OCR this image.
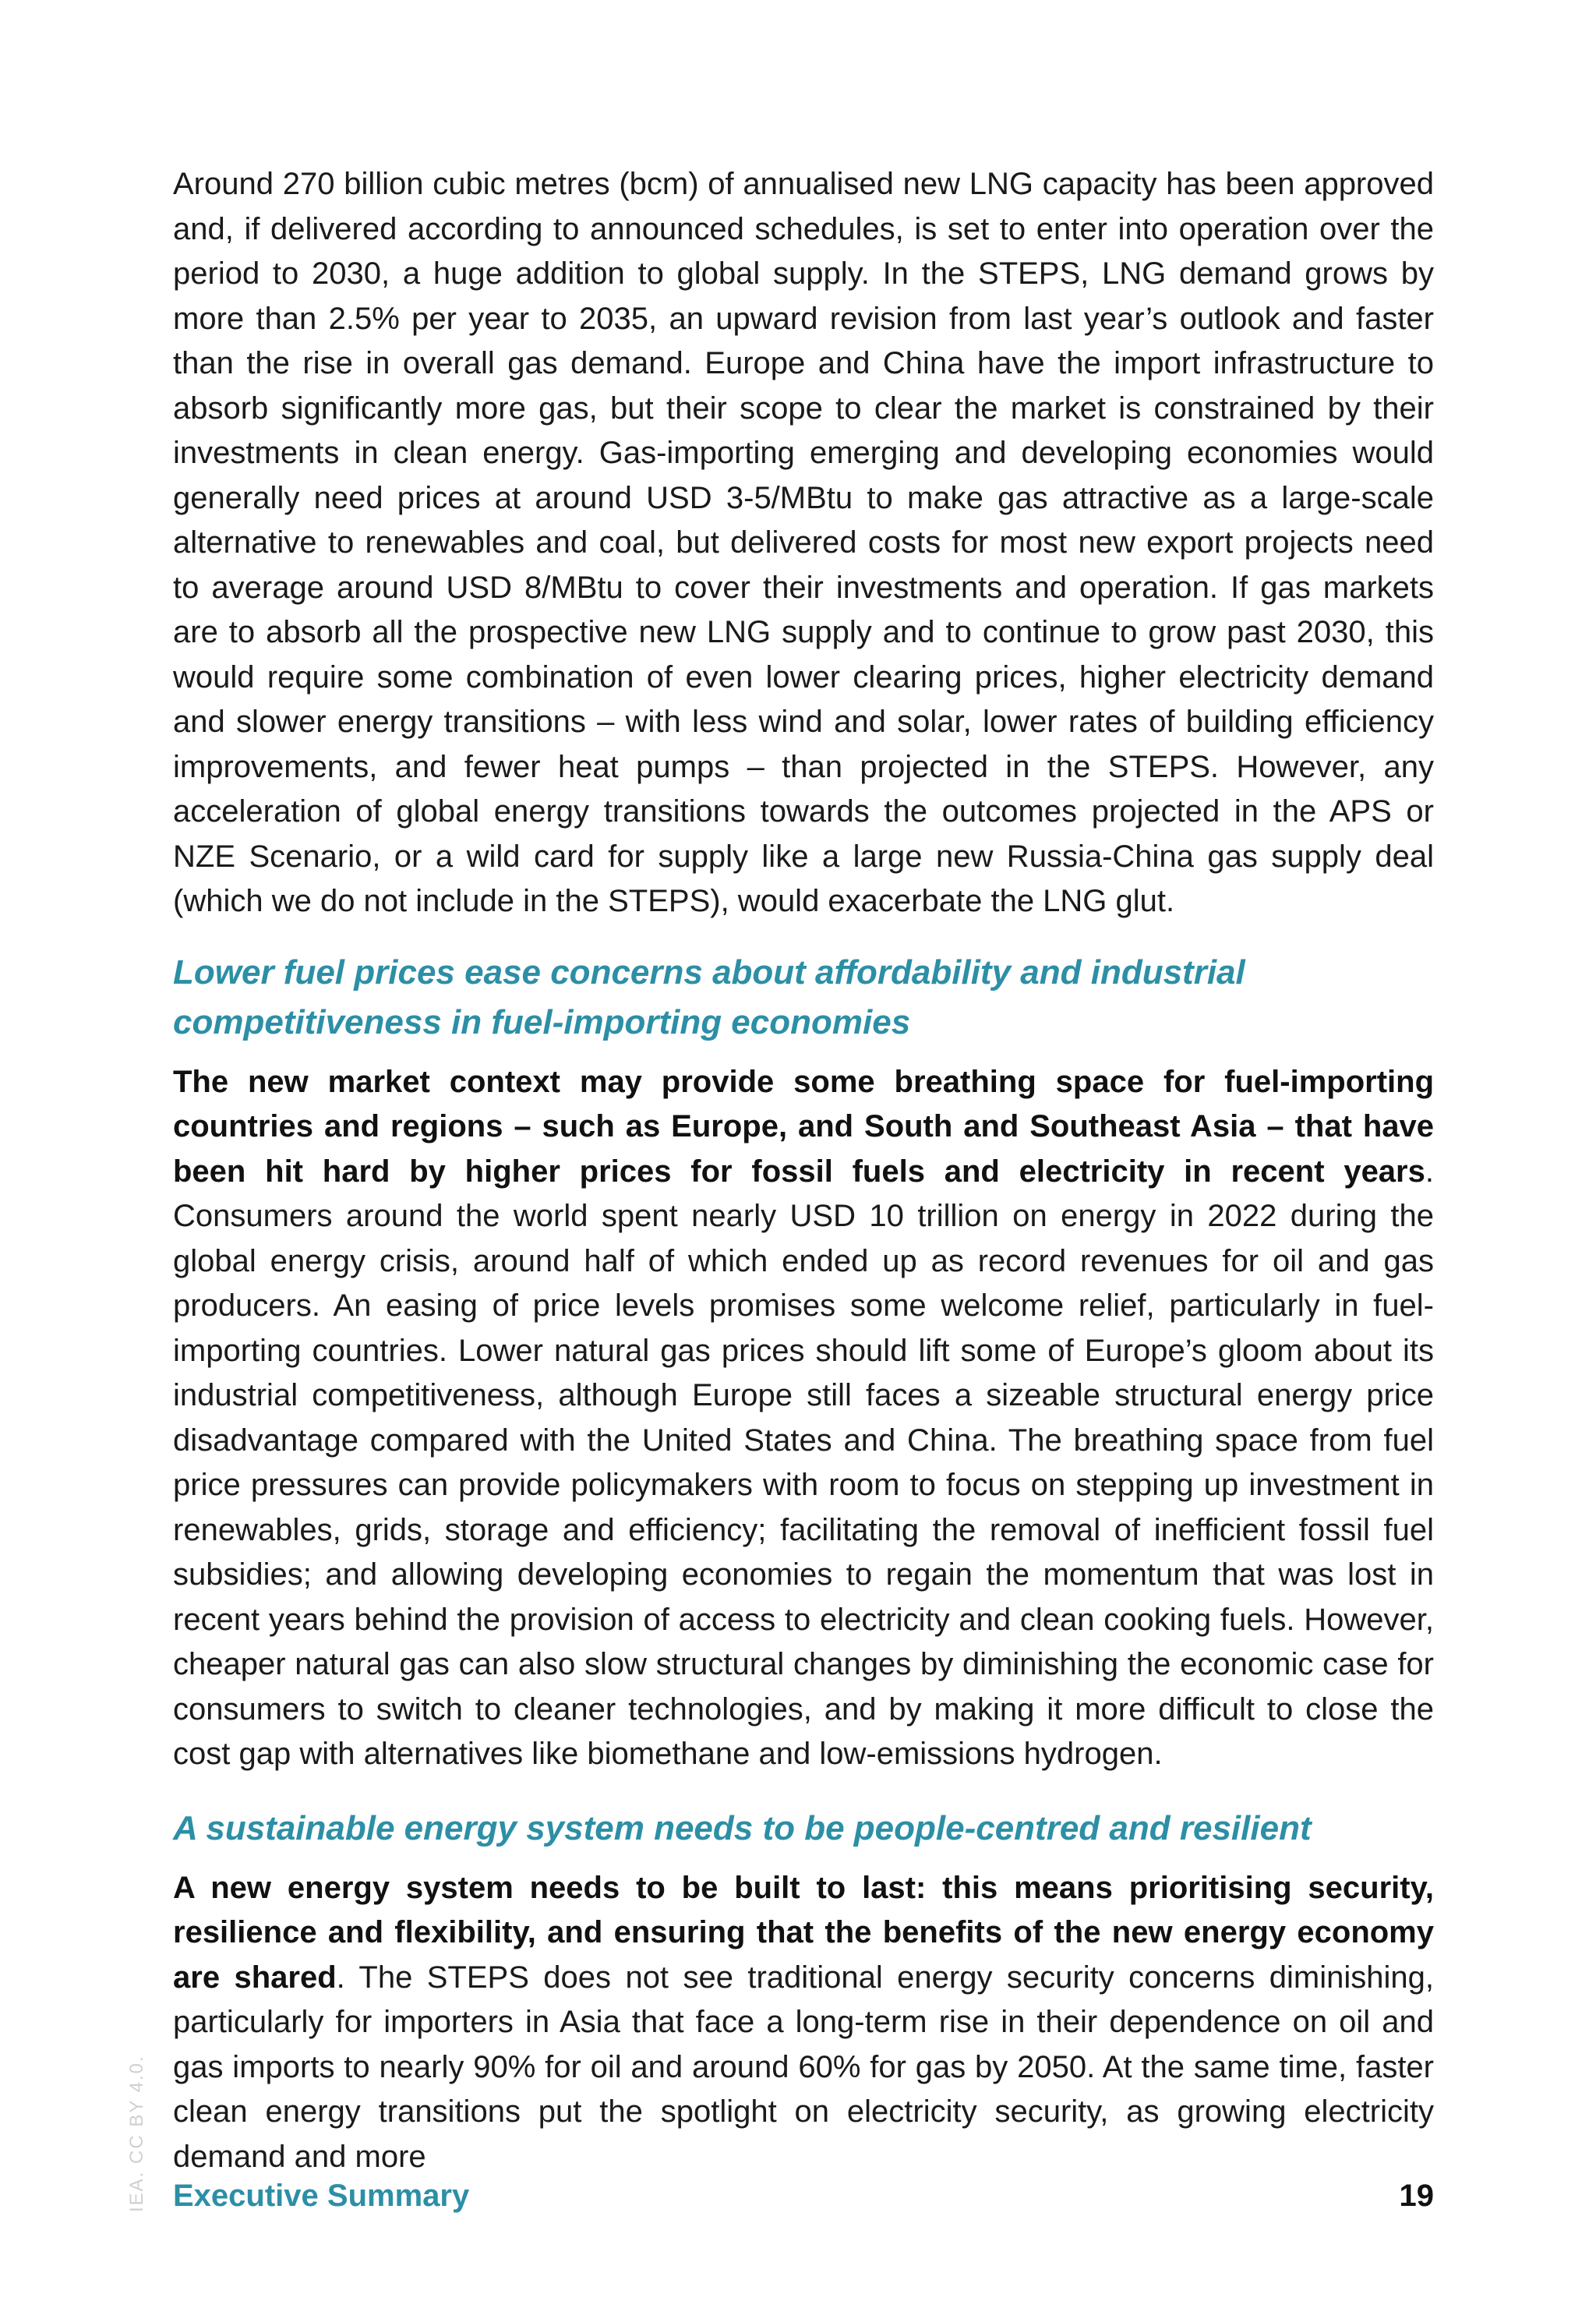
Around 270 billion cubic metres (bcm) of annualised new LNG capacity has been approved and, if delivered according to announced schedules, is set to enter into operation over the period to 2030, a huge addition to global supply. In the STEPS, LNG demand grows by more than 2.5% per year to 2035, an upward revision from last year’s outlook and faster than the rise in overall gas demand. Europe and China have the import infrastructure to absorb significantly more gas, but their scope to clear the market is constrained by their investments in clean energy. Gas-importing emerging and developing economies would generally need prices at around USD 3-5/MBtu to make gas attractive as a large-scale alternative to renewables and coal, but delivered costs for most new export projects need to average around USD 8/MBtu to cover their investments and operation. If gas markets are to absorb all the prospective new LNG supply and to continue to grow past 2030, this would require some combination of even lower clearing prices, higher electricity demand and slower energy transitions – with less wind and solar, lower rates of building efficiency improvements, and fewer heat pumps – than projected in the STEPS. However, any acceleration of global energy transitions towards the outcomes projected in the APS or NZE Scenario, or a wild card for supply like a large new Russia-China gas supply deal (which we do not include in the STEPS), would exacerbate the LNG glut.

Lower fuel prices ease concerns about affordability and industrial competitiveness in fuel-importing economies

The new market context may provide some breathing space for fuel-importing countries and regions – such as Europe, and South and Southeast Asia – that have been hit hard by higher prices for fossil fuels and electricity in recent years. Consumers around the world spent nearly USD 10 trillion on energy in 2022 during the global energy crisis, around half of which ended up as record revenues for oil and gas producers. An easing of price levels promises some welcome relief, particularly in fuel-importing countries. Lower natural gas prices should lift some of Europe’s gloom about its industrial competitiveness, although Europe still faces a sizeable structural energy price disadvantage compared with the United States and China. The breathing space from fuel price pressures can provide policymakers with room to focus on stepping up investment in renewables, grids, storage and efficiency; facilitating the removal of inefficient fossil fuel subsidies; and allowing developing economies to regain the momentum that was lost in recent years behind the provision of access to electricity and clean cooking fuels. However, cheaper natural gas can also slow structural changes by diminishing the economic case for consumers to switch to cleaner technologies, and by making it more difficult to close the cost gap with alternatives like biomethane and low-emissions hydrogen.

A sustainable energy system needs to be people-centred and resilient

A new energy system needs to be built to last: this means prioritising security, resilience and flexibility, and ensuring that the benefits of the new energy economy are shared. The STEPS does not see traditional energy security concerns diminishing, particularly for importers in Asia that face a long-term rise in their dependence on oil and gas imports to nearly 90% for oil and around 60% for gas by 2050. At the same time, faster clean energy transitions put the spotlight on electricity security, as growing electricity demand and more

IEA. CC BY 4.0. Executive Summary	19
